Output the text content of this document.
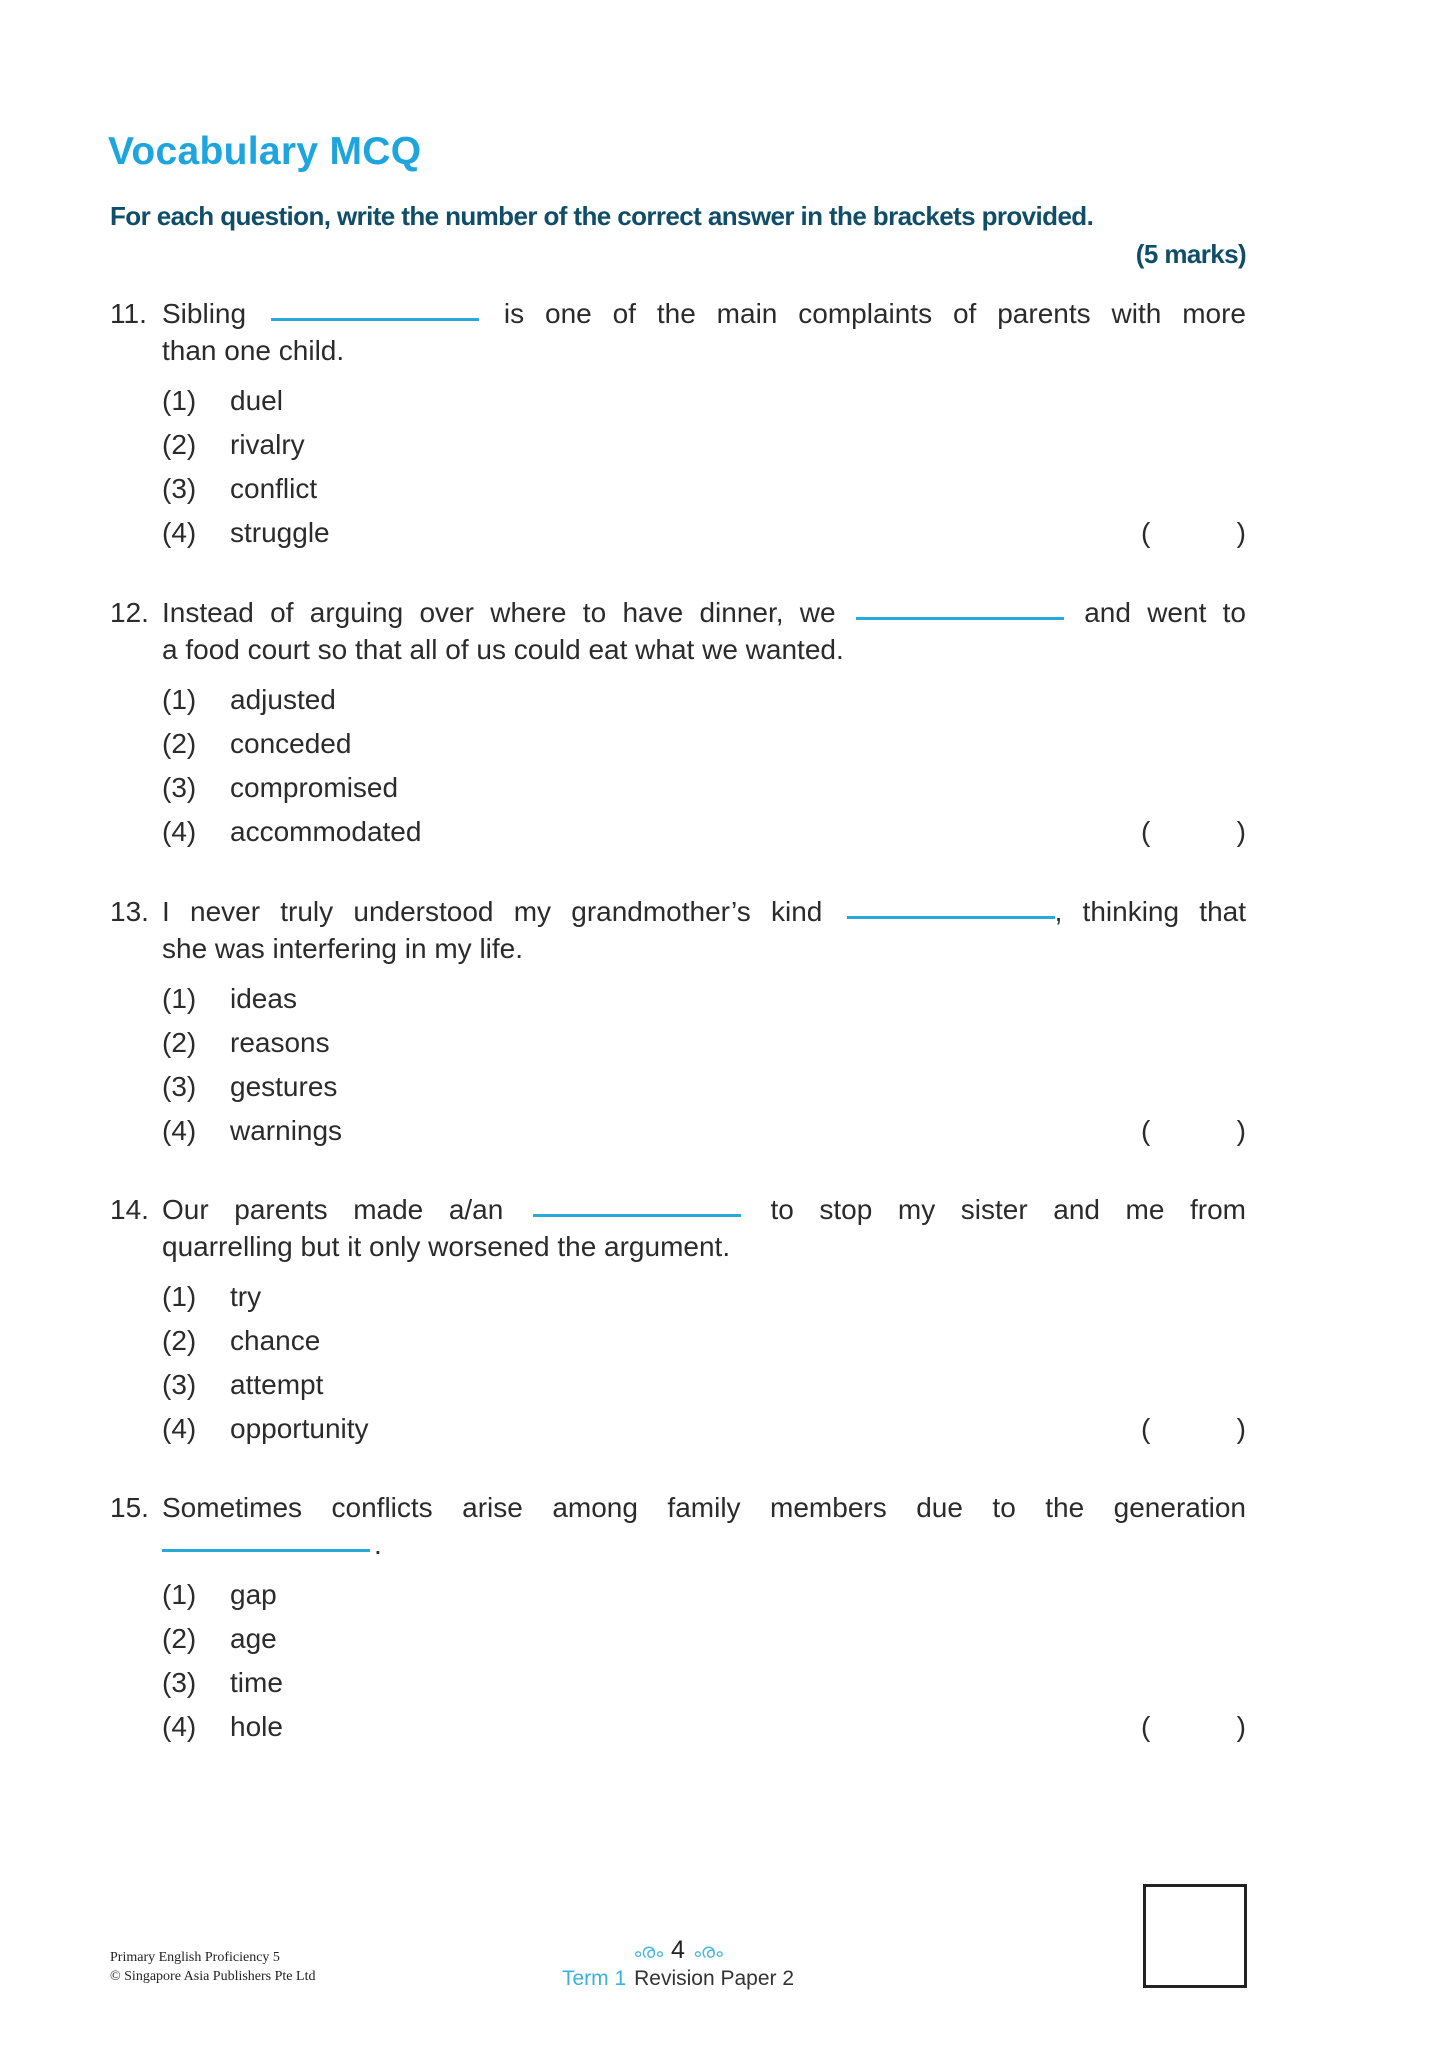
Vocabulary MCQ
For each question, write the number of the correct answer in the brackets provided.
(5 marks)
11. Sibling	is one of the main complaints of parents with more
than one child.
(1) duel
(2) rivalry
(3) conflict
(4) struggle	(	)
12. Instead of arguing over where to have dinner, we	and went to
a food court so that all of us could eat what we wanted.
(1) adjusted
(2) conceded
(3) compromised
(4) accommodated	(	)
13. I never truly understood my grandmother’s kind	, thinking that
she was interfering in my life.
(1) ideas
(2) reasons
(3) gestures
(4) warnings	(	)
14. Our parents made a/an	to stop my sister and me from
quarrelling but it only worsened the argument.
(1) try
(2) chance
(3) attempt
(4) opportunity	(	)
15. Sometimes conflicts arise among family members due to the generation
.
(1) gap
(2) age
(3) time
(4) hole	(	)
Primary English Proficiency 5
© Singapore Asia Publishers Pte Ltd
ൟ 4 ൟ
Term 1 Revision Paper 2
